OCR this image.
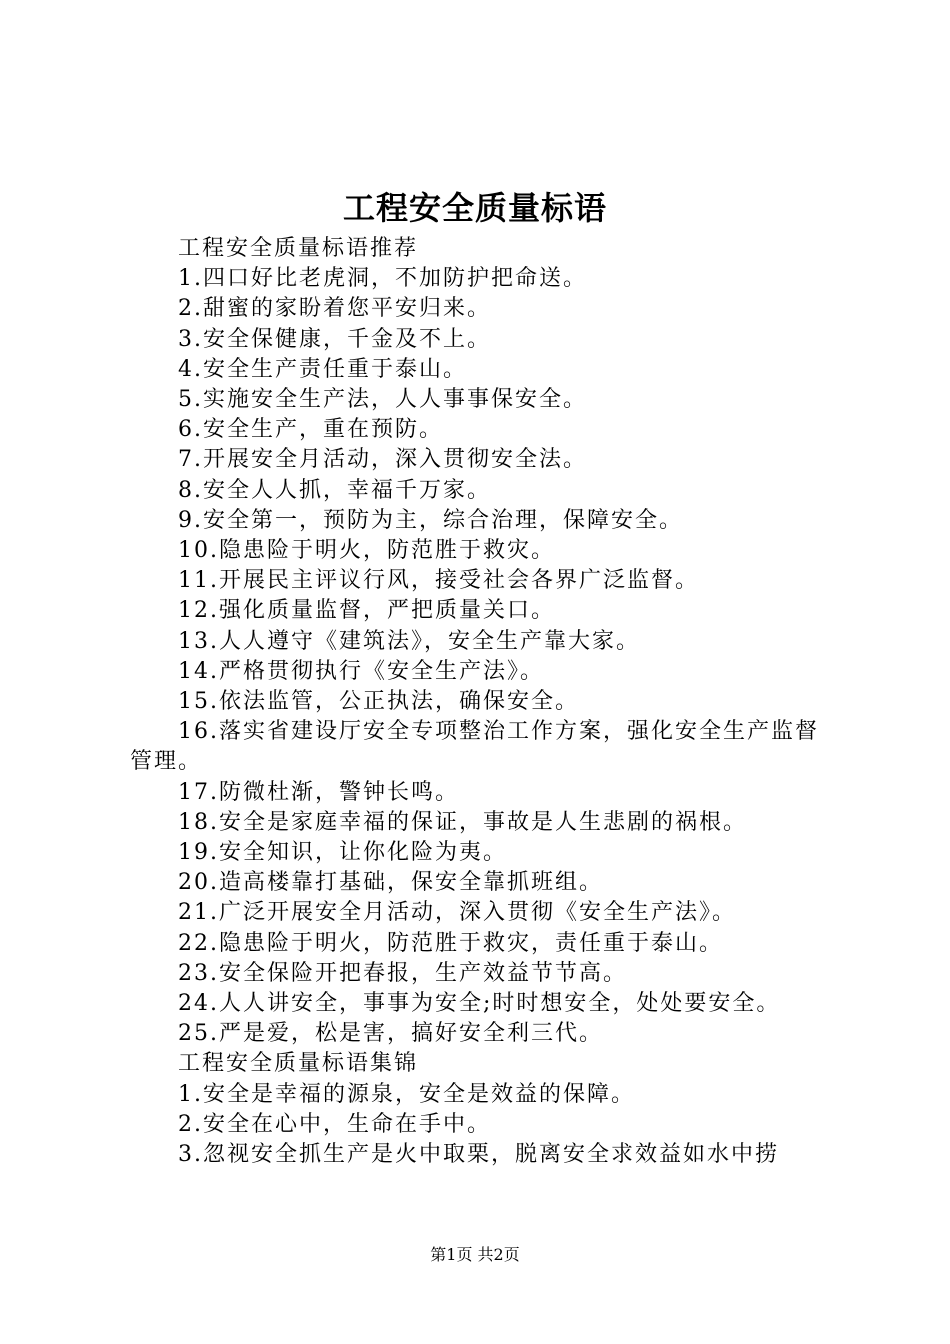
工程安全质量标语

工程安全质量标语推荐

1.四口好比老虎洞，不加防护把命送。

2.甜蜜的家盼着您平安归来。

3.安全保健康，千金及不上。

4.安全生产责任重于泰山。

5.实施安全生产法，人人事事保安全。

6.安全生产，重在预防。

7.开展安全月活动，深入贯彻安全法。

8.安全人人抓，幸福千万家。

9.安全第一，预防为主，综合治理，保障安全。

10.隐患险于明火，防范胜于救灾。

11.开展民主评议行风，接受社会各界广泛监督。

12.强化质量监督，严把质量关口。

13.人人遵守《建筑法》，安全生产靠大家。

14.严格贯彻执行《安全生产法》。

15.依法监管，公正执法，确保安全。

16.落实省建设厅安全专项整治工作方案，强化安全生产监督管理。

17.防微杜渐，警钟长鸣。

18.安全是家庭幸福的保证，事故是人生悲剧的祸根。

19.安全知识，让你化险为夷。

20.造高楼靠打基础，保安全靠抓班组。

21.广泛开展安全月活动，深入贯彻《安全生产法》。

22.隐患险于明火，防范胜于救灾，责任重于泰山。

23.安全保险开把春报，生产效益节节高。

24.人人讲安全，事事为安全;时时想安全，处处要安全。

25.严是爱，松是害，搞好安全利三代。

工程安全质量标语集锦

1.安全是幸福的源泉，安全是效益的保障。

2.安全在心中，生命在手中。

3.忽视安全抓生产是火中取栗，脱离安全求效益如水中捞

第1页 共2页
